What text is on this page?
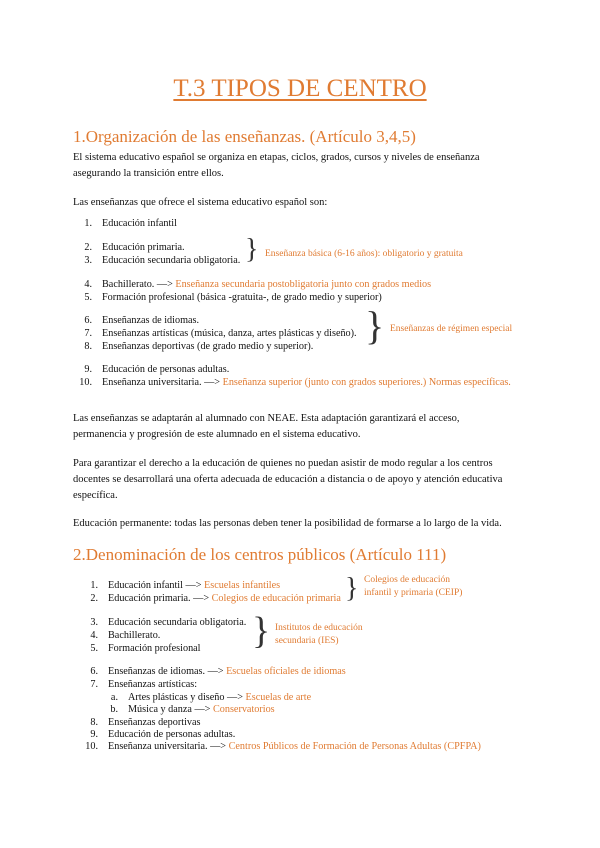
T.3 TIPOS DE CENTRO
1.Organización de las enseñanzas. (Artículo 3,4,5)
El sistema educativo español se organiza en etapas, ciclos, grados, cursos y niveles de enseñanza
asegurando la transición entre ellos.
Las enseñanzas que ofrece el sistema educativo español son:
1. Educación infantil
2. Educación primaria.
3. Educación secundaria obligatoria.
4. Bachillerato. —> Enseñanza secundaria postobligatoria junto con grados medios
5. Formación profesional (básica -gratuita-, de grado medio y superior)
6. Enseñanzas de idiomas.
7. Enseñanzas artísticas (música, danza, artes plásticas y diseño).
8. Enseñanzas deportivas (de grado medio y superior).
9. Educación de personas adultas.
10. Enseñanza universitaria. —> Enseñanza superior (junto con grados superiores.) Normas específicas.
} Enseñanza básica (6-16 años): obligatorio y gratuita
} Enseñanzas de régimen especial
Las enseñanzas se adaptarán al alumnado con NEAE. Esta adaptación garantizará el acceso,
permanencia y progresión de este alumnado en el sistema educativo.
Para garantizar el derecho a la educación de quienes no puedan asistir de modo regular a los centros
docentes se desarrollará una oferta adecuada de educación a distancia o de apoyo y atención educativa
específica.
Educación permanente: todas las personas deben tener la posibilidad de formarse a lo largo de la vida.
2.Denominación de los centros públicos (Artículo 111)
1. Educación infantil —> Escuelas infantiles
2. Educación primaria. —> Colegios de educación primaria
3. Educación secundaria obligatoria.
4. Bachillerato.
5. Formación profesional
6. Enseñanzas de idiomas. —> Escuelas oficiales de idiomas
7. Enseñanzas artísticas:
a. Artes plásticas y diseño —> Escuelas de arte
b. Música y danza —> Conservatorios
8. Enseñanzas deportivas
9. Educación de personas adultas.
10. Enseñanza universitaria. —> Centros Públicos de Formación de Personas Adultas (CPFPA)
} Colegios de educación
infantil y primaria (CEIP)
} Institutos de educación
secundaria (IES)
